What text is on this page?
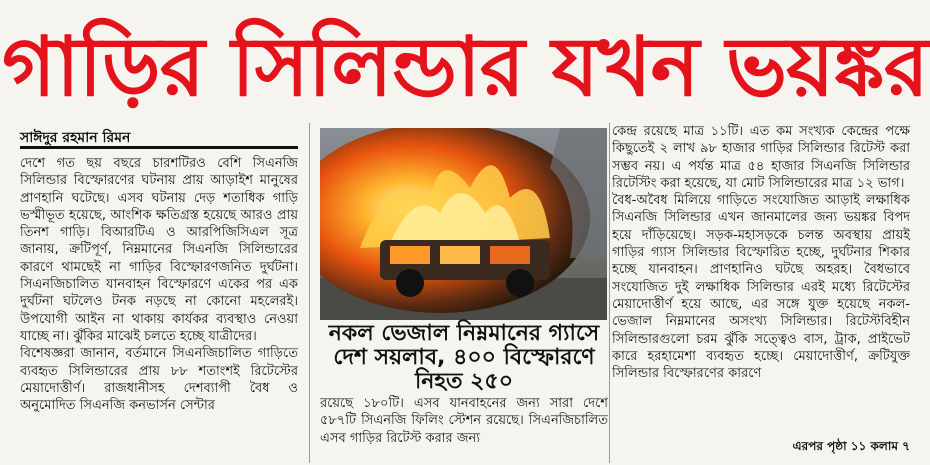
গাড়ির সিলিন্ডার যখন ভয়ঙ্কর
সাঈদুর রহমান রিমন

দেশে গত ছয় বছরে চারশটিরও বেশি সিএনজি সিলিন্ডার বিস্ফোরণের ঘটনায় প্রায় আড়াইশ মানুষের প্রাণহানি ঘটেছে। এসব ঘটনায় দেড় শতাধিক গাড়ি ভস্মীভূত হয়েছে, আংশিক ক্ষতিগ্রস্ত হয়েছে আরও প্রায় তিনশ গাড়ি। বিআরটিএ ও আরপিজিসিএল সূত্র জানায়, ক্রটিপূর্ণ, নিম্নমানের সিএনজি সিলিন্ডারের কারণে থামছেই না গাড়ির বিস্ফোরণজনিত দুর্ঘটনা। সিএনজিচালিত যানবাহন বিস্ফোরণে একের পর এক দুর্ঘটনা ঘটলেও টনক নড়ছে না কোনো মহলেরই। উপযোগী আইন না থাকায় কার্যকর ব্যবস্থাও নেওয়া যাচ্ছে না। ঝুঁকির মাঝেই চলতে হচ্ছে যাত্রীদের।

বিশেষজ্ঞরা জানান, বর্তমানে সিএনজিচালিত গাড়িতে ব্যবহৃত সিলিন্ডারের প্রায় ৮৮ শতাংশই রিটেস্টের মেয়াদোত্তীর্ণ। রাজধানীসহ দেশব্যাপী বৈধ ও অনুমোদিত সিএনজি কনভার্সন সেন্টার

নকল ভেজাল নিম্নমানের গ্যাসে দেশ সয়লাব, ৪০০ বিস্ফোরণে নিহত ২৫০

রয়েছে ১৮০টি। এসব যানবাহনের জন্য সারা দেশে ৫৮৭টি সিএনজি ফিলিং স্টেশন রয়েছে। সিএনজিচালিত এসব গাড়ির রিটেস্ট করার জন্য

কেন্দ্র রয়েছে মাত্র ১১টি। এত কম সংখ্যক কেন্দ্রের পক্ষে কিছুতেই ২ লাখ ৯৮ হাজার গাড়ির সিলিন্ডার রিটেস্ট করা সম্ভব নয়। এ পর্যন্ত মাত্র ৫৪ হাজার সিএনজি সিলিন্ডার রিটেস্টিং করা হয়েছে, যা মোট সিলিন্ডারের মাত্র ১২ ভাগ।

বৈধ-অবৈধ মিলিয়ে গাড়িতে সংযোজিত আড়াই লক্ষাধিক সিএনজি সিলিন্ডার এখন জানমালের জন্য ভয়ঙ্কর বিপদ হয়ে দাঁড়িয়েছে। সড়ক-মহাসড়কে চলন্ত অবস্থায় প্রায়ই গাড়ির গ্যাস সিলিন্ডার বিস্ফোরিত হচ্ছে, দুর্ঘটনার শিকার হচ্ছে যানবাহন। প্রাণহানিও ঘটছে অহরহ। বৈধভাবে সংযোজিত দুই লক্ষাধিক সিলিন্ডার এরই মধ্যে রিটেস্টের মেয়াদোত্তীর্ণ হয়ে আছে, এর সঙ্গে যুক্ত হয়েছে নকল-ভেজাল নিম্নমানের অসংখ্য সিলিন্ডার। রিটেস্টবিহীন সিলিন্ডারগুলো চরম ঝুঁকি সত্ত্বেও বাস, ট্রাক, প্রাইভেট কারে হরহামেশা ব্যবহৃত হচ্ছে। মেয়াদোত্তীর্ণ, ক্রটিযুক্ত সিলিন্ডার বিস্ফোরণের কারণে

এরপর পৃষ্ঠা ১১ কলাম ৭
